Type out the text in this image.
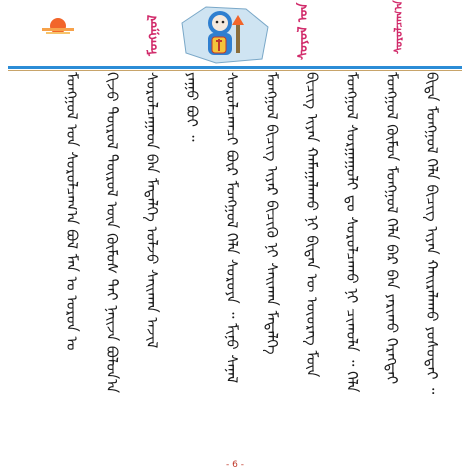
ᠮᠣᠩᠭᠣᠯ	ᠰᠣᠶᠤᠯ ᠤᠨ	ᠰᠤᠷᠤᠯᠴᠠᠭ᠎ᠠ
ᠪᠢᠳᠡ ᠮᠣᠩᠭᠣᠯ ᠬᠡᠯᠡ ᠪᠢᠴᠢᠭ ᠢᠶᠡᠨ ᠬᠠᠢᠷᠠᠯᠠᠬᠤ ᠶᠣᠰᠣᠲᠠᠢ ᠃
ᠮᠣᠩᠭᠣᠯ ᠬᠦᠮᠦᠨ ᠮᠣᠩᠭᠣᠯ ᠬᠡᠯᠡ ᠪᠡᠷ ᠪᠡᠨ ᠶᠠᠷᠢᠬᠤ ᠬᠡᠷᠡᠭᠲᠡᠢ
ᠮᠣᠩᠭᠣᠯ ᠰᠤᠷᠭᠠᠭᠤᠯᠢ ᠳᠤ ᠰᠤᠷᠤᠯᠴᠠᠬᠤ ᠨᠢ ᠴᠢᠬᠤᠯᠠ ᠃ ᠬᠡᠯᠡ
ᠪᠢᠴᠢᠭ ᠢᠶᠡᠨ ᠬᠠᠮᠠᠭᠠᠯᠠᠬᠤ ᠨᠢ ᠪᠢᠳᠡᠨ ᠦ ᠦᠦᠷᠡᠭ ᠮᠥᠨ
ᠮᠣᠩᠭᠣᠯ ᠪᠢᠴᠢᠭ ᠢᠶᠡᠷ ᠪᠢᠴᠢᠬᠦ ᠨᠢ ᠰᠠᠢᠬᠠᠨ ᠮᠡᠳᠡᠯᠭᠡ
ᠰᠤᠷᠤᠯᠴᠠᠭᠴᠢ ᠪᠦᠷ ᠮᠣᠩᠭᠣᠯ ᠬᠡᠯᠡ ᠰᠤᠷᠤᠶᠠ ᠃ ᠮᠢᠨᠤ ᠰᠠᠨᠠᠯ
ᠶᠠᠭᠤ ᠪᠤᠢ ᠃
ᠰᠤᠷᠤᠯᠴᠠᠭᠠᠳ ᠪᠠᠨ ᠮᠡᠳᠡᠯᠭᠡ ᠣᠯᠵᠤ ᠰᠠᠢᠬᠠᠨ ᠠᠵᠢᠯ
ᠬᠢᠵᠦ ᠲᠥᠷᠥᠯ ᠲᠥᠷᠥᠯ ᠦᠨ ᠬᠦᠮᠦᠰ ᠲᠡᠢ ᠨᠠᠢᠵᠠ ᠪᠣᠯᠤᠨ᠎ᠠ
ᠮᠣᠩᠭᠣᠯ ᠤᠨ ᠰᠤᠷᠤᠯᠴᠠᠭ᠎ᠠ ᠪᠣᠯ ᠮᠠᠨ ᠤ ᠣᠷᠣᠨ ᠤ
- 6 -
